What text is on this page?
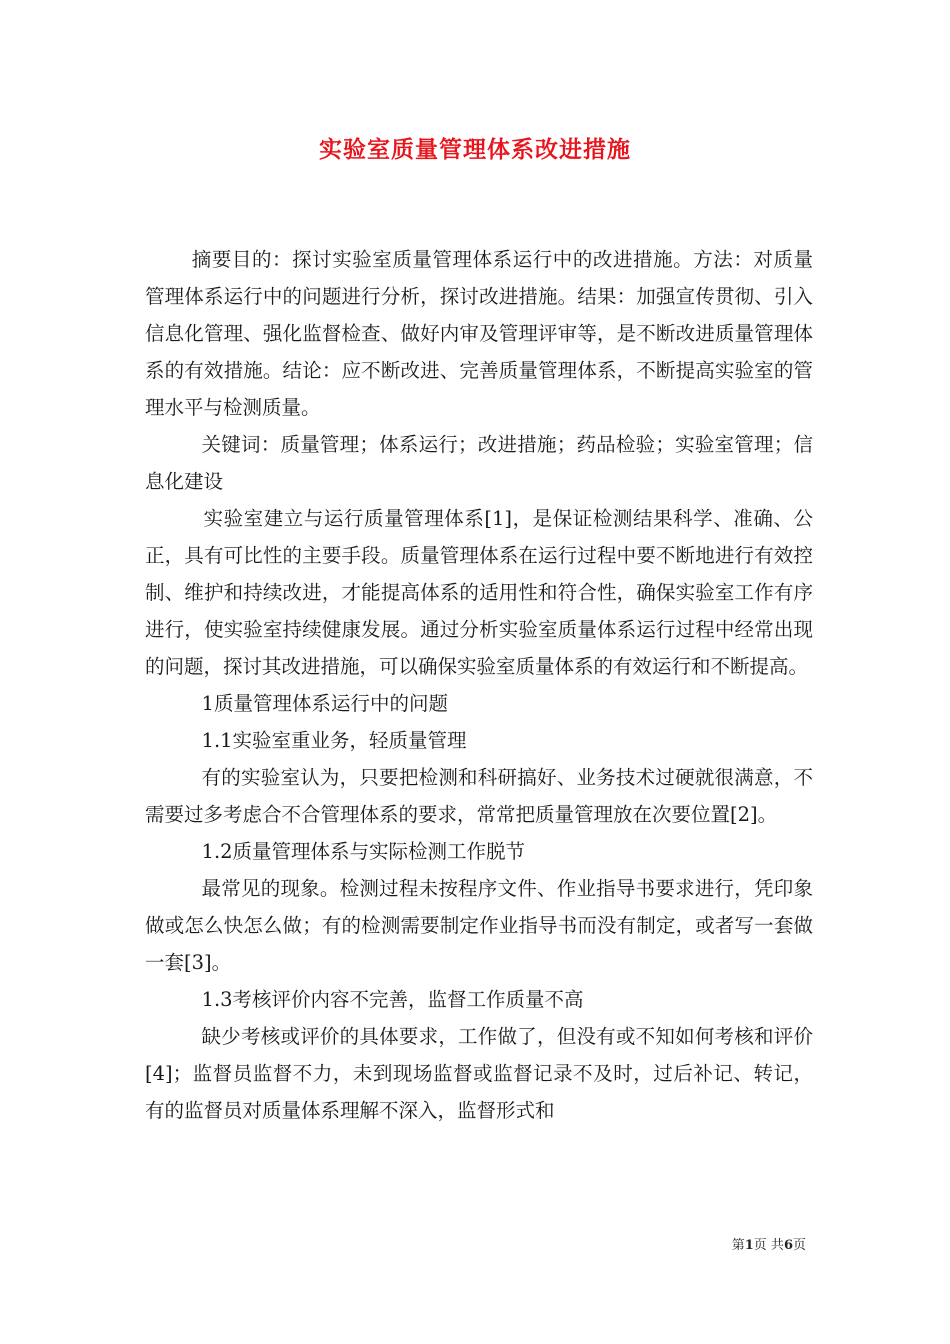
实验室质量管理体系改进措施

摘要目的：探讨实验室质量管理体系运行中的改进措施。方法：对质量管理体系运行中的问题进行分析，探讨改进措施。结果：加强宣传贯彻、引入信息化管理、强化监督检查、做好内审及管理评审等，是不断改进质量管理体系的有效措施。结论：应不断改进、完善质量管理体系，不断提高实验室的管理水平与检测质量。

关键词：质量管理；体系运行；改进措施；药品检验；实验室管理；信息化建设

实验室建立与运行质量管理体系[1]，是保证检测结果科学、准确、公正，具有可比性的主要手段。质量管理体系在运行过程中要不断地进行有效控制、维护和持续改进，才能提高体系的适用性和符合性，确保实验室工作有序进行，使实验室持续健康发展。通过分析实验室质量体系运行过程中经常出现的问题，探讨其改进措施，可以确保实验室质量体系的有效运行和不断提高。

1质量管理体系运行中的问题

1.1实验室重业务，轻质量管理

有的实验室认为，只要把检测和科研搞好、业务技术过硬就很满意，不需要过多考虑合不合管理体系的要求，常常把质量管理放在次要位置[2]。

1.2质量管理体系与实际检测工作脱节

最常见的现象。检测过程未按程序文件、作业指导书要求进行，凭印象做或怎么快怎么做；有的检测需要制定作业指导书而没有制定，或者写一套做一套[3]。

1.3考核评价内容不完善，监督工作质量不高

缺少考核或评价的具体要求，工作做了，但没有或不知如何考核和评价[4]；监督员监督不力，未到现场监督或监督记录不及时，过后补记、转记，有的监督员对质量体系理解不深入，监督形式和

第1页 共6页
